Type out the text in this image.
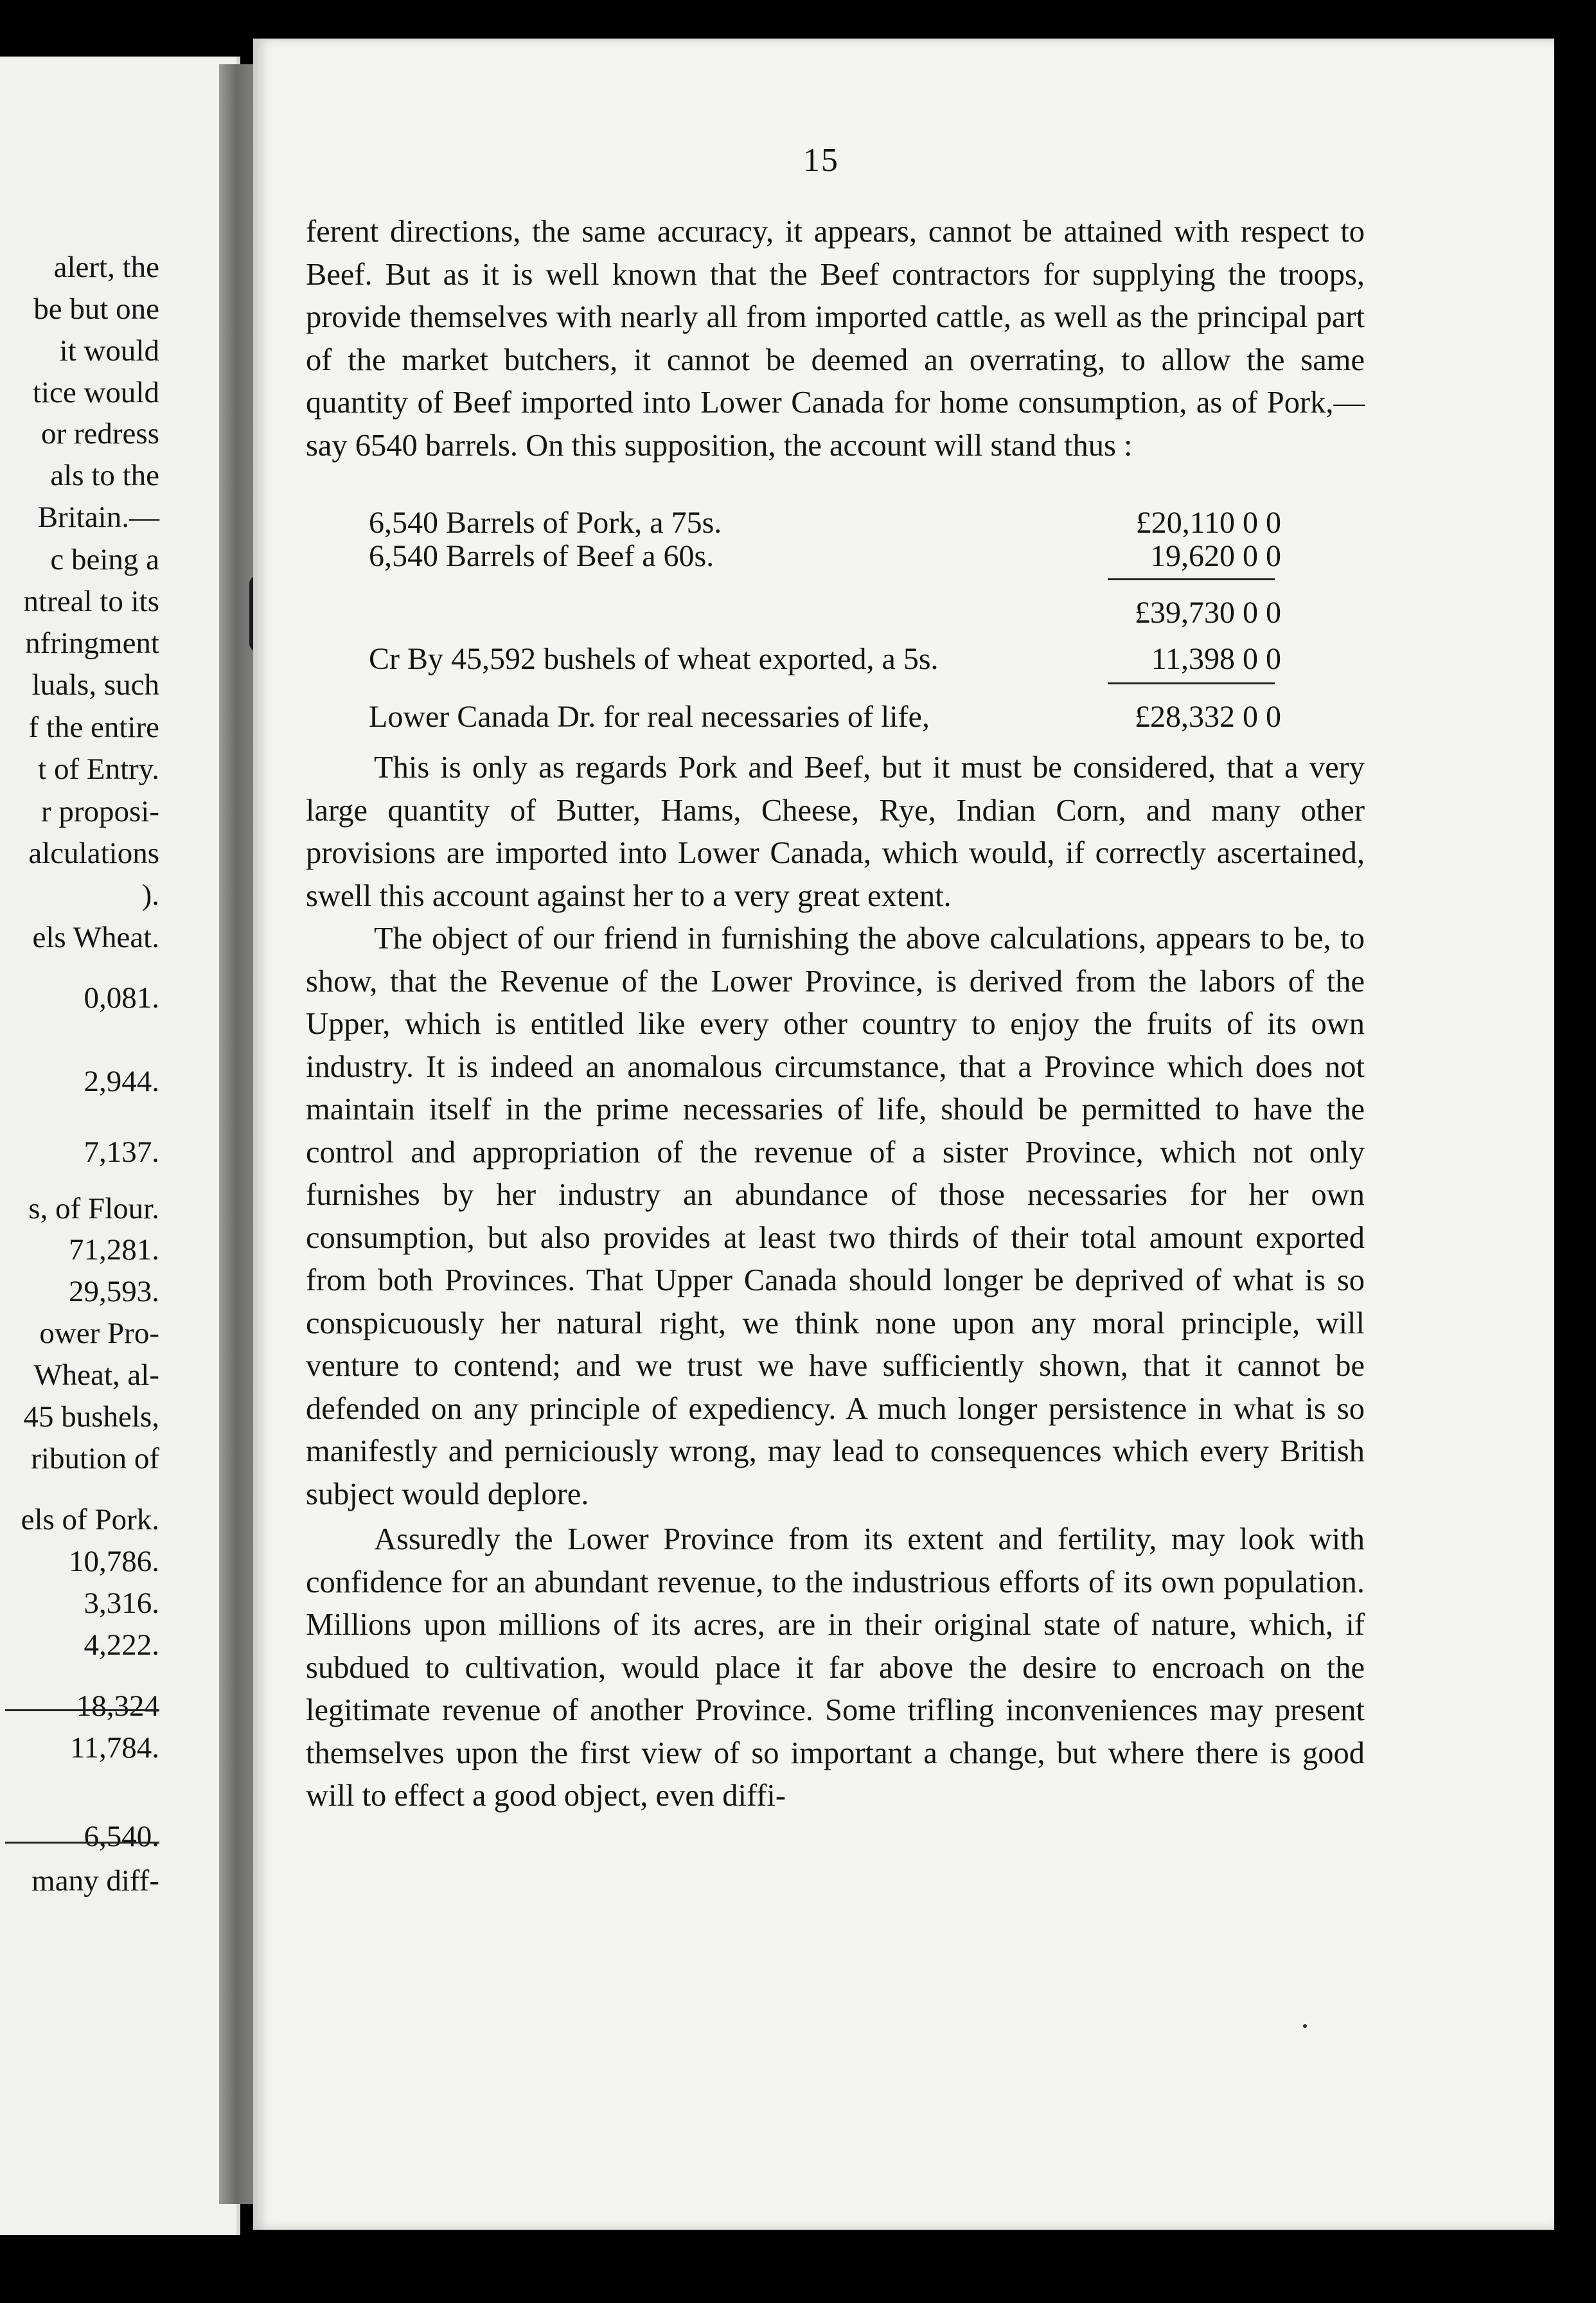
alert, the
be but one
it would
tice would
or redress
als to the
Britain.—
c being a
ntreal to its
nfringment
luals, such
f the entire
t of Entry.
r proposi-
alculations
).
els Wheat.
0,081.
2,944.
7,137.
s, of Flour.
71,281.
29,593.
ower Pro-
Wheat, al-
45 bushels,
ribution of
els of Pork.
10,786.
3,316.
4,222.
18,324
11,784.
6,540.
many diff-
15

ferent directions, the same accuracy, it appears, cannot be attained with respect to Beef. But as it is well known that the Beef contractors for supplying the troops, provide themselves with nearly all from imported cattle, as well as the principal part of the market butchers, it cannot be deemed an overrating, to allow the same quantity of Beef imported into Lower Canada for home consumption, as of Pork,—say 6540 barrels. On this supposition, the account will stand thus :

6,540 Barrels of Pork, a 75s.	£20,110 0 0
6,540 Barrels of Beef a 60s.	19,620 0 0
£39,730 0 0
Cr By 45,592 bushels of wheat exported, a 5s.	11,398 0 0
Lower Canada Dr. for real necessaries of life,	£28,332 0 0

This is only as regards Pork and Beef, but it must be considered, that a very large quantity of Butter, Hams, Cheese, Rye, Indian Corn, and many other provisions are imported into Lower Canada, which would, if correctly ascertained, swell this account against her to a very great extent.

The object of our friend in furnishing the above calculations, appears to be, to show, that the Revenue of the Lower Province, is derived from the labors of the Upper, which is entitled like every other country to enjoy the fruits of its own industry. It is indeed an anomalous circumstance, that a Province which does not maintain itself in the prime necessaries of life, should be permitted to have the control and appropriation of the revenue of a sister Province, which not only furnishes by her industry an abundance of those necessaries for her own consumption, but also provides at least two thirds of their total amount exported from both Provinces. That Upper Canada should longer be deprived of what is so conspicuously her natural right, we think none upon any moral principle, will venture to contend; and we trust we have sufficiently shown, that it cannot be defended on any principle of expediency. A much longer persistence in what is so manifestly and perniciously wrong, may lead to consequences which every British subject would deplore.

Assuredly the Lower Province from its extent and fertility, may look with confidence for an abundant revenue, to the industrious efforts of its own population. Millions upon millions of its acres, are in their original state of nature, which, if subdued to cultivation, would place it far above the desire to encroach on the legitimate revenue of another Province. Some trifling inconveniences may present themselves upon the first view of so important a change, but where there is good will to effect a good object, even diffi-
